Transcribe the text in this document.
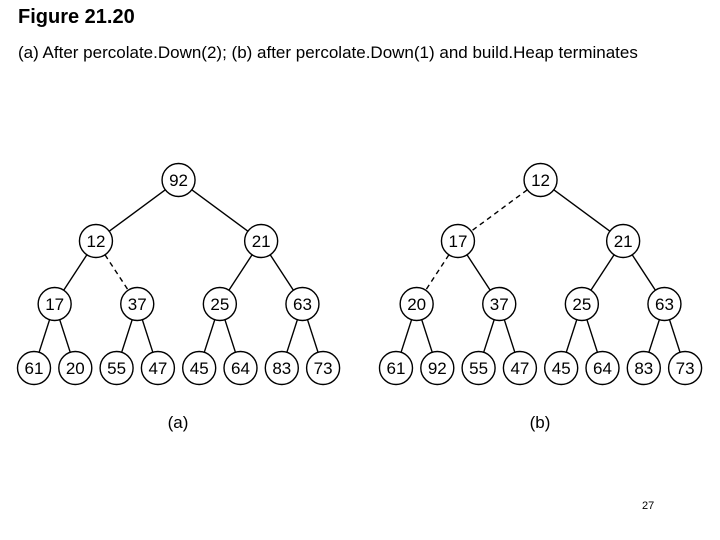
Figure 21.20
(a) After percolate.Down(2); (b) after percolate.Down(1) and build.Heap terminates
92
12	21
17	37	25	63
61 20 55 47 45 64 83 73
(a)
12
17	21
20	37	25	63
61 92 55 47 45 64 83 73
(b)
27
